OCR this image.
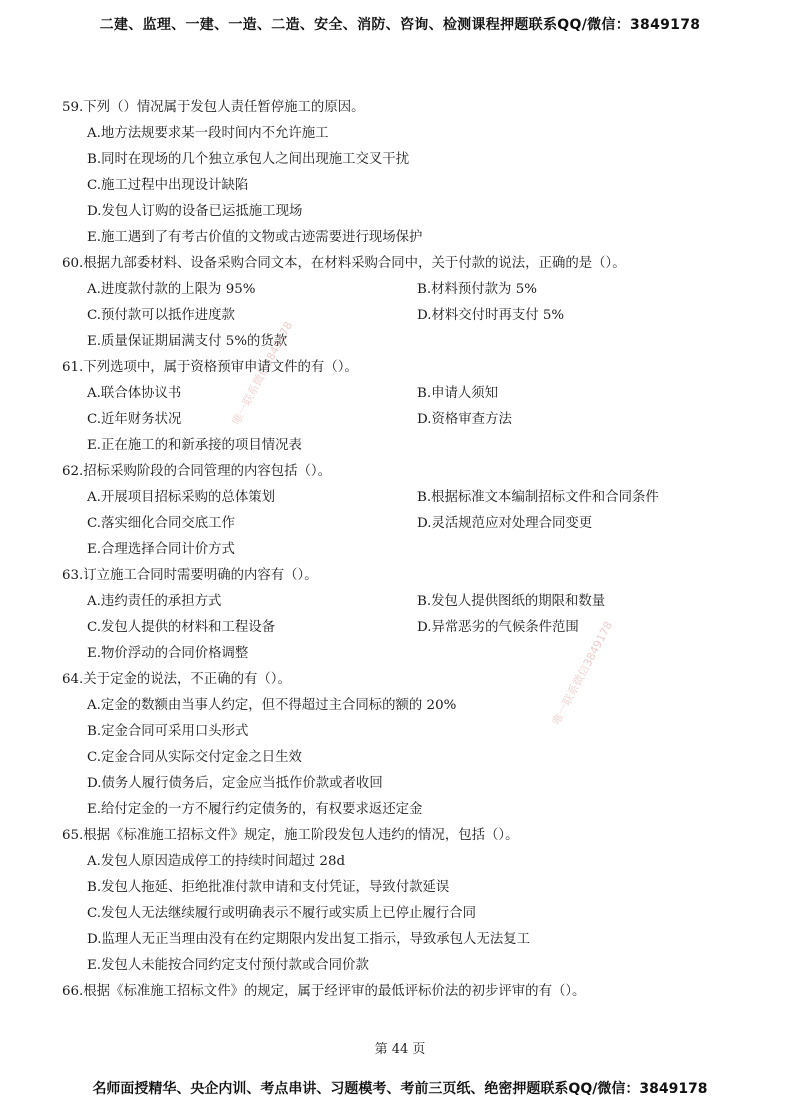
二建、监理、一建、一造、二造、安全、消防、咨询、检测课程押题联系QQ/微信：3849178
唯一联系微信3849178
唯一联系微信3849178
59.下列（）情况属于发包人责任暂停施工的原因。
A.地方法规要求某一段时间内不允许施工
B.同时在现场的几个独立承包人之间出现施工交叉干扰
C.施工过程中出现设计缺陷
D.发包人订购的设备已运抵施工现场
E.施工遇到了有考古价值的文物或古迹需要进行现场保护
60.根据九部委材料、设备采购合同文本，在材料采购合同中，关于付款的说法，正确的是（）。
A.进度款付款的上限为 95%	B.材料预付款为 5%
C.预付款可以抵作进度款	D.材料交付时再支付 5%
E.质量保证期届满支付 5%的货款
61.下列选项中，属于资格预审申请文件的有（）。
A.联合体协议书	B.申请人须知
C.近年财务状况	D.资格审查方法
E.正在施工的和新承接的项目情况表
62.招标采购阶段的合同管理的内容包括（）。
A.开展项目招标采购的总体策划	B.根据标准文本编制招标文件和合同条件
C.落实细化合同交底工作	D.灵活规范应对处理合同变更
E.合理选择合同计价方式
63.订立施工合同时需要明确的内容有（）。
A.违约责任的承担方式	B.发包人提供图纸的期限和数量
C.发包人提供的材料和工程设备	D.异常恶劣的气候条件范围
E.物价浮动的合同价格调整
64.关于定金的说法，不正确的有（）。
A.定金的数额由当事人约定，但不得超过主合同标的额的 20%
B.定金合同可采用口头形式
C.定金合同从实际交付定金之日生效
D.债务人履行债务后，定金应当抵作价款或者收回
E.给付定金的一方不履行约定债务的，有权要求返还定金
65.根据《标准施工招标文件》规定，施工阶段发包人违约的情况，包括（）。
A.发包人原因造成停工的持续时间超过 28d
B.发包人拖延、拒绝批准付款申请和支付凭证，导致付款延误
C.发包人无法继续履行或明确表示不履行或实质上已停止履行合同
D.监理人无正当理由没有在约定期限内发出复工指示，导致承包人无法复工
E.发包人未能按合同约定支付预付款或合同价款
66.根据《标准施工招标文件》的规定，属于经评审的最低评标价法的初步评审的有（）。
第 44 页
名师面授精华、央企内训、考点串讲、习题模考、考前三页纸、绝密押题联系QQ/微信：3849178
